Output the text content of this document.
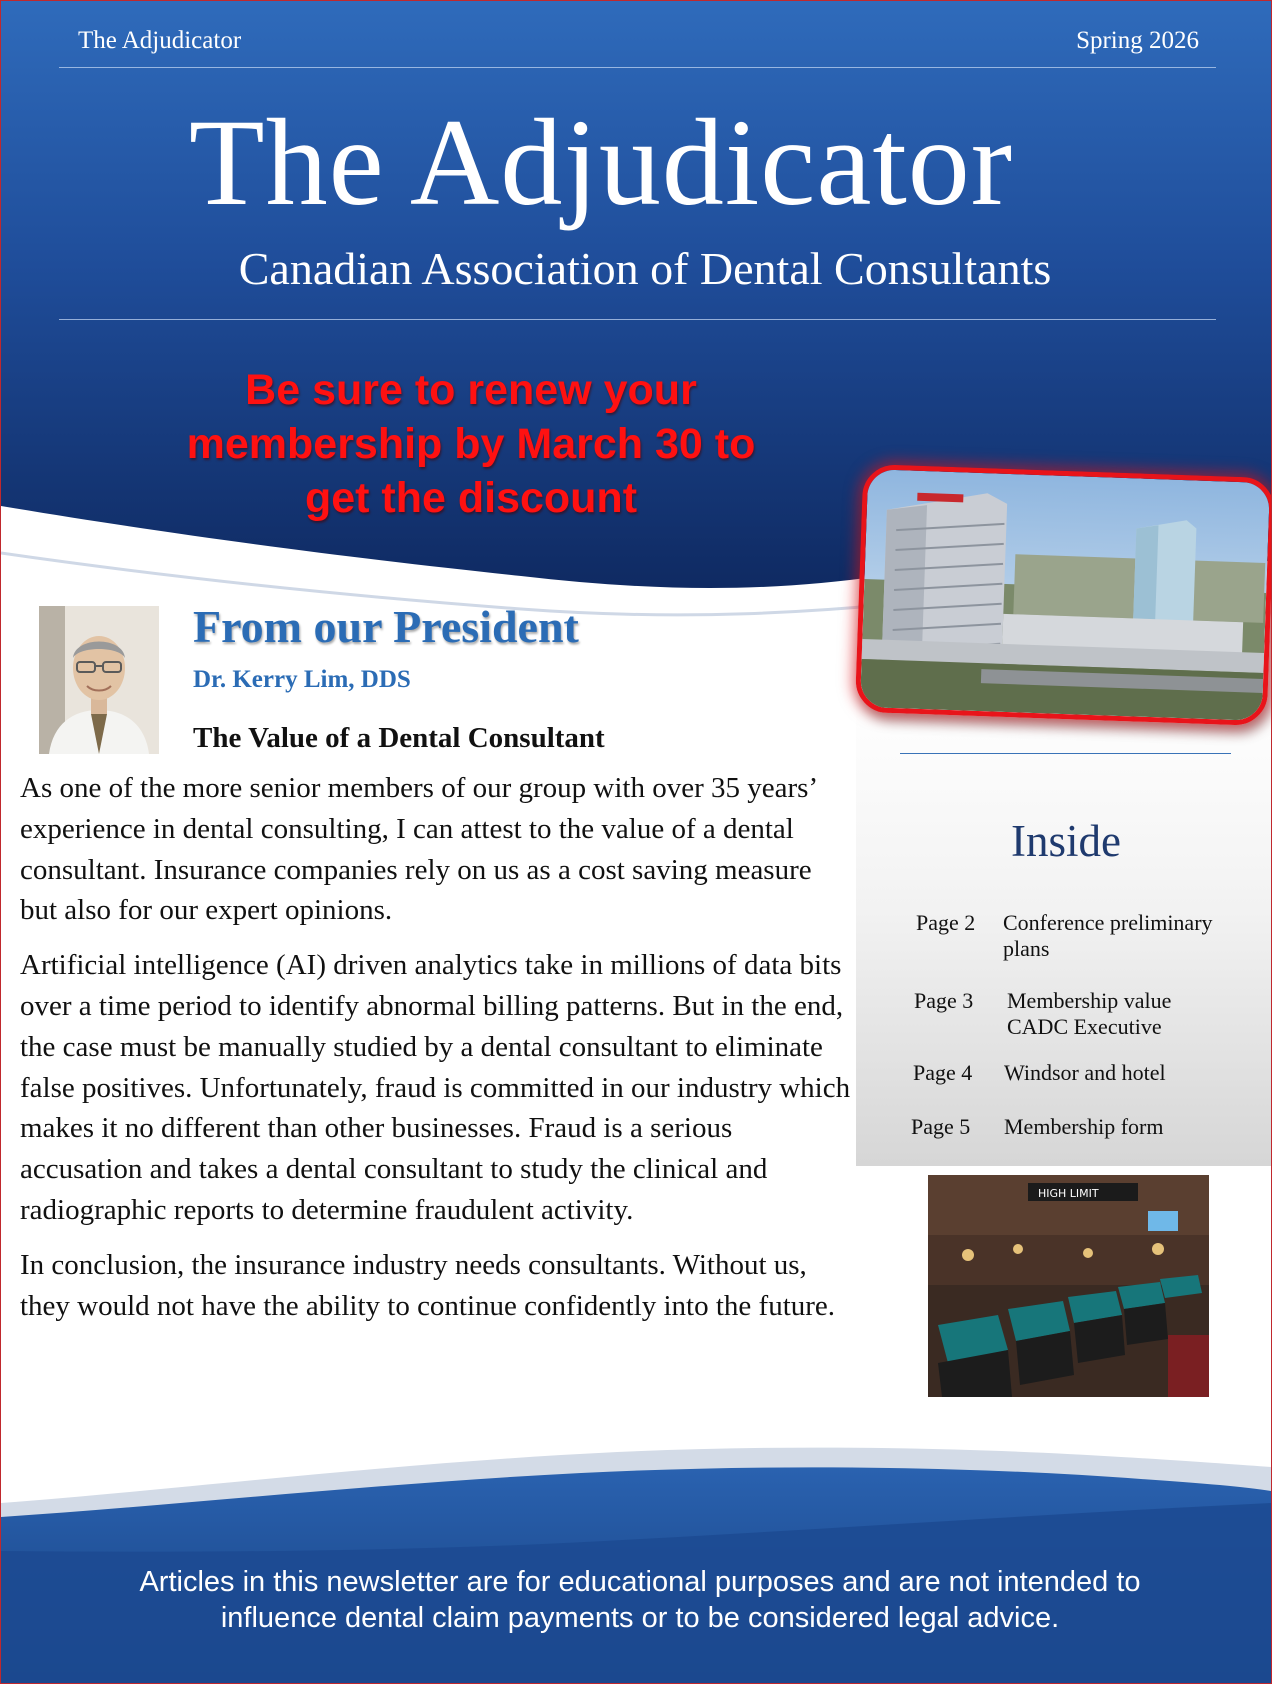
The Adjudicator	Spring 2026
The Adjudicator
Canadian Association of Dental Consultants
Be sure to renew your
membership by March 30 to
get the discount
Inside
Page 2 Conference preliminary
plans
Page 3 Membership value
CADC Executive
Page 4 Windsor and hotel
Page 5 Membership form
HIGH LIMIT
From our President
Dr. Kerry Lim, DDS
The Value of a Dental Consultant

As one of the more senior members of our group with over 35 years’ experience in dental consulting, I can attest to the value of a dental consultant. Insurance companies rely on us as a cost saving measure but also for our expert opinions.

Artificial intelligence (AI) driven analytics take in millions of data bits over a time period to identify abnormal billing patterns. But in the end, the case must be manually studied by a dental consultant to eliminate false positives. Unfortunately, fraud is committed in our industry which makes it no different than other businesses. Fraud is a serious accusation and takes a dental consultant to study the clinical and radiographic reports to determine fraudulent activity.

In conclusion, the insurance industry needs consultants. Without us, they would not have the ability to continue confidently into the future.

Articles in this newsletter are for educational purposes and are not intended to
influence dental claim payments or to be considered legal advice.
